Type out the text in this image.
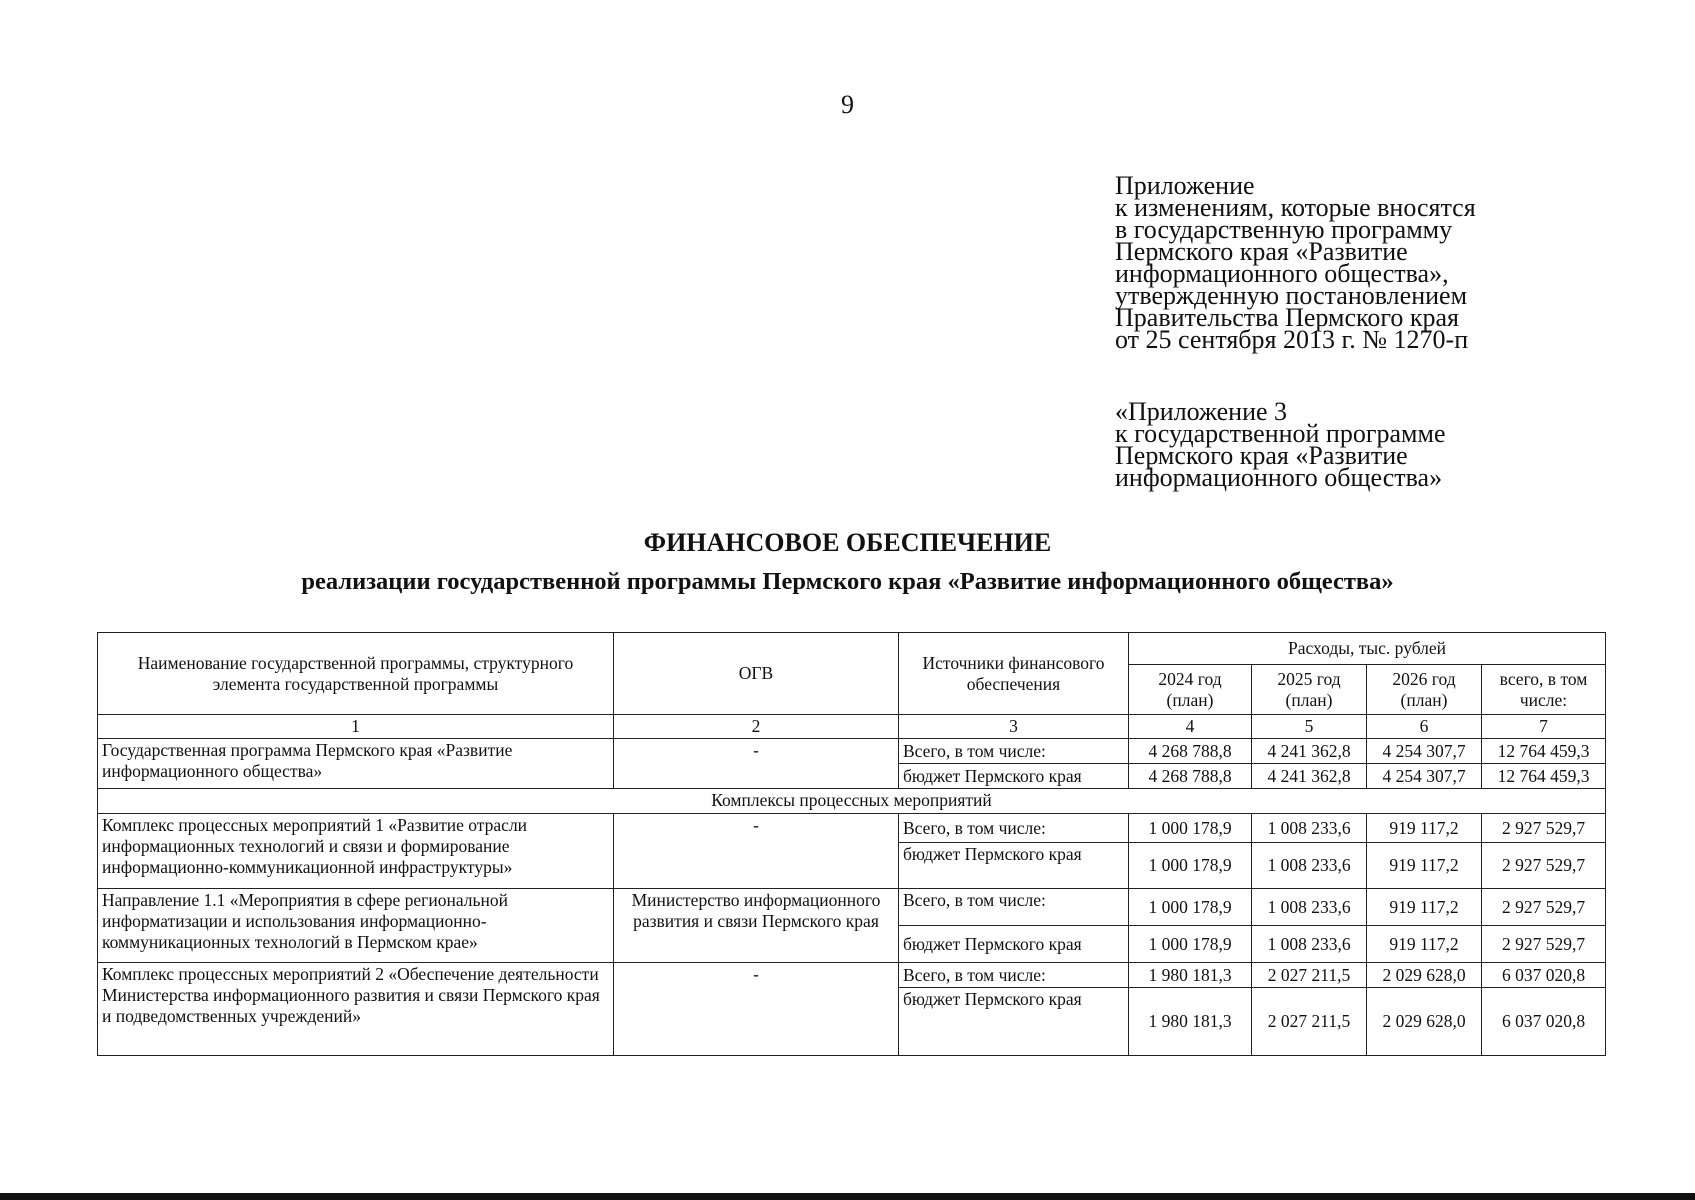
9
Приложение
к изменениям, которые вносятся
в государственную программу
Пермского края «Развитие
информационного общества»,
утвержденную постановлением
Правительства Пермского края
от 25 сентября 2013 г. № 1270-п
«Приложение 3
к государственной программе
Пермского края «Развитие
информационного общества»
ФИНАНСОВОЕ ОБЕСПЕЧЕНИЕ
реализации государственной программы Пермского края «Развитие информационного общества»
Наименование государственной программы, структурного элемента государственной программы	ОГВ	Источники финансового обеспечения	Расходы, тыс. рублей			
			2024 год (план)	2025 год (план)	2026 год (план)	всего, в том числе:
1	2	3	4	5	6	7
Государственная программа Пермского края «Развитие информационного общества»	-	Всего, в том числе:	4 268 788,8	4 241 362,8	4 254 307,7	12 764 459,3
		бюджет Пермского края	4 268 788,8	4 241 362,8	4 254 307,7	12 764 459,3
Комплексы процессных мероприятий						
Комплекс процессных мероприятий 1 «Развитие отрасли информационных технологий и связи и формирование информационно-коммуникационной инфраструктуры»	-	Всего, в том числе:	1 000 178,9	1 008 233,6	919 117,2	2 927 529,7
		бюджет Пермского края	1 000 178,9	1 008 233,6	919 117,2	2 927 529,7
Направление 1.1 «Мероприятия в сфере региональной информатизации и использования информационно-коммуникационных технологий в Пермском крае»	Министерство информационного развития и связи Пермского края	Всего, в том числе:	1 000 178,9	1 008 233,6	919 117,2	2 927 529,7
		бюджет Пермского края	1 000 178,9	1 008 233,6	919 117,2	2 927 529,7
Комплекс процессных мероприятий 2 «Обеспечение деятельности Министерства информационного развития и связи Пермского края и подведомственных учреждений»	-	Всего, в том числе:	1 980 181,3	2 027 211,5	2 029 628,0	6 037 020,8
		бюджет Пермского края	1 980 181,3	2 027 211,5	2 029 628,0	6 037 020,8
